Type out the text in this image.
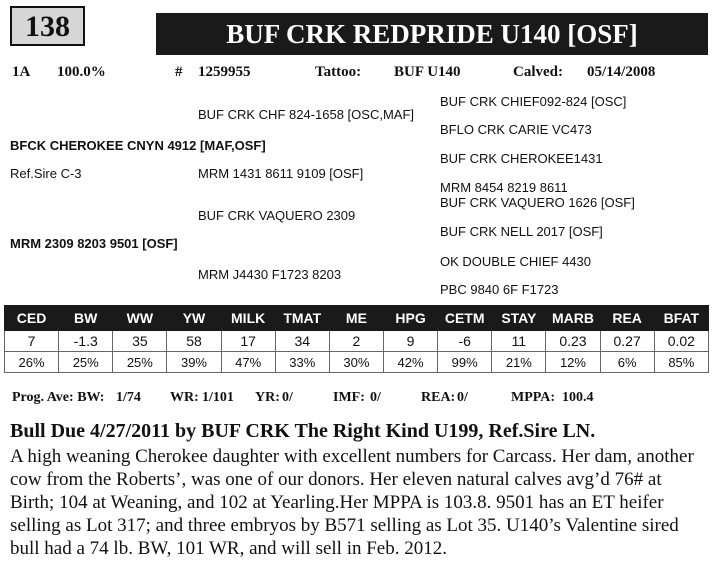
138	BUF CRK REDPRIDE U140 [OSF]
1A 100.0%	# 1259955	Tattoo: BUF U140	Calved: 05/14/2008
BFCK CHEROKEE CNYN 4912 [MAF,OSF]
Ref.Sire C-3
BUF CRK CHF 824-1658 [OSC,MAF]
MRM 1431 8611 9109 [OSF]
BUF CRK CHIEF092-824 [OSC]
BFLO CRK CARIE VC473
BUF CRK CHEROKEE1431
MRM 8454 8219 8611
MRM 2309 8203 9501 [OSF]
BUF CRK VAQUERO 2309
MRM J4430 F1723 8203
BUF CRK VAQUERO 1626 [OSF]
BUF CRK NELL 2017 [OSF]
OK DOUBLE CHIEF 4430
PBC 9840 6F F1723
CED	BW	WW	YW	MILK	TMAT	ME	HPG	CETM	STAY	MARB	REA	BFAT
7	-1.3	35	58	17	34	2	9	-6	11	0.23	0.27	0.02
26%	25%	25%	39%	47%	33%	30%	42%	99%	21%	12%	6%	85%
Prog. Ave: BW: 1/74 WR: 1/101 YR: 0/	IMF: 0/	REA: 0/	MPPA: 100.4
Bull Due 4/27/2011 by BUF CRK The Right Kind U199, Ref.Sire LN.
A high weaning Cherokee daughter with excellent numbers for Carcass. Her dam, another cow from the Roberts’, was one of our donors. Her eleven natural calves avg’d 76# at Birth; 104 at Weaning, and 102 at Yearling.Her MPPA is 103.8. 9501 has an ET heifer selling as Lot 317; and three embryos by B571 selling as Lot 35. U140’s Valentine sired bull had a 74 lb. BW, 101 WR, and will sell in Feb. 2012.
